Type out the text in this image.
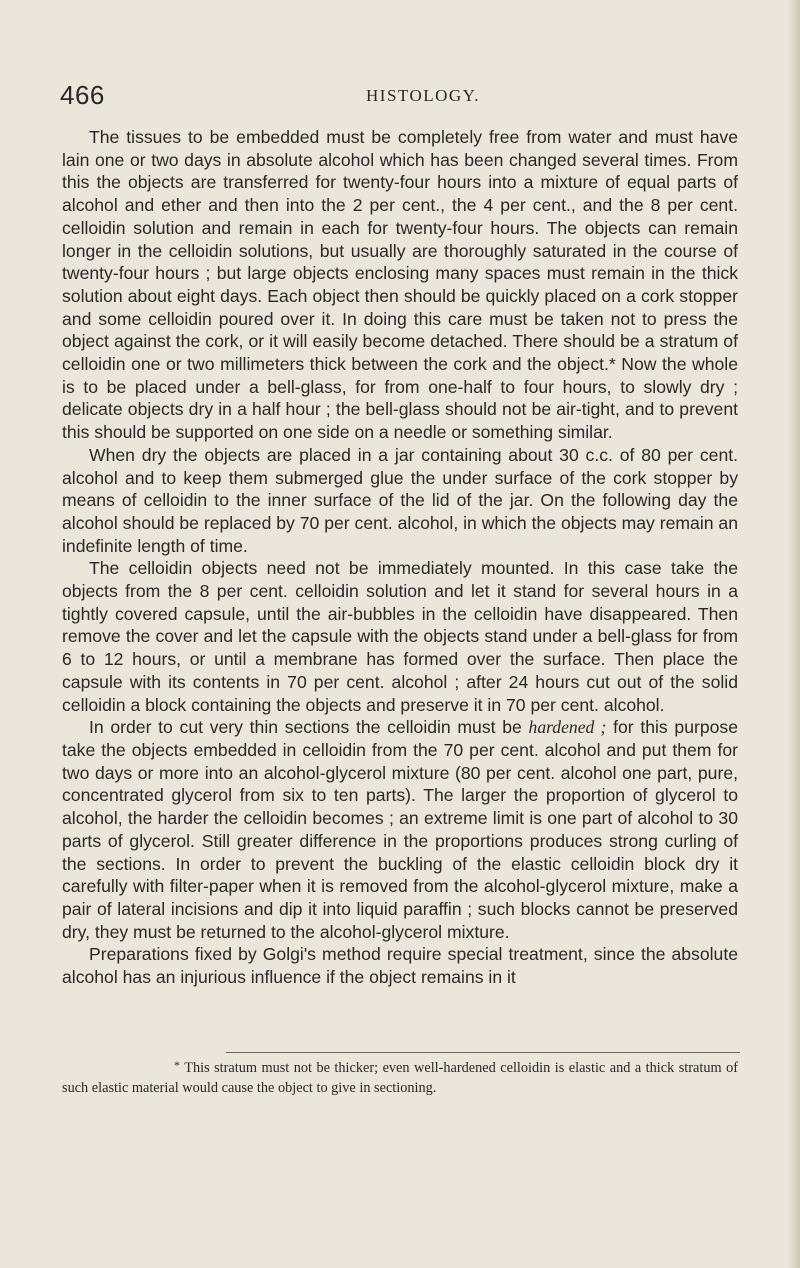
466	HISTOLOGY.

The tissues to be embedded must be completely free from water and must have lain one or two days in absolute alcohol which has been changed several times. From this the objects are transferred for twenty-four hours into a mixture of equal parts of alcohol and ether and then into the 2 per cent., the 4 per cent., and the 8 per cent. celloidin solution and remain in each for twenty-four hours. The objects can remain longer in the celloidin solutions, but usually are thoroughly saturated in the course of twenty-four hours ; but large objects enclosing many spaces must remain in the thick solution about eight days. Each object then should be quickly placed on a cork stopper and some celloidin poured over it. In doing this care must be taken not to press the object against the cork, or it will easily become detached. There should be a stratum of celloidin one or two millimeters thick between the cork and the object.* Now the whole is to be placed under a bell-glass, for from one-half to four hours, to slowly dry ; delicate objects dry in a half hour ; the bell-glass should not be air-tight, and to prevent this should be supported on one side on a needle or something similar.

When dry the objects are placed in a jar containing about 30 c.c. of 80 per cent. alcohol and to keep them submerged glue the under surface of the cork stopper by means of celloidin to the inner surface of the lid of the jar. On the following day the alcohol should be replaced by 70 per cent. alcohol, in which the objects may remain an indefinite length of time.

The celloidin objects need not be immediately mounted. In this case take the objects from the 8 per cent. celloidin solution and let it stand for several hours in a tightly covered capsule, until the air-bubbles in the celloidin have disappeared. Then remove the cover and let the capsule with the objects stand under a bell-glass for from 6 to 12 hours, or until a membrane has formed over the surface. Then place the capsule with its contents in 70 per cent. alcohol ; after 24 hours cut out of the solid celloidin a block containing the objects and preserve it in 70 per cent. alcohol.

In order to cut very thin sections the celloidin must be hardened ; for this purpose take the objects embedded in celloidin from the 70 per cent. alcohol and put them for two days or more into an alcohol-glycerol mixture (80 per cent. alcohol one part, pure, concentrated glycerol from six to ten parts). The larger the proportion of glycerol to alcohol, the harder the celloidin becomes ; an extreme limit is one part of alcohol to 30 parts of glycerol. Still greater difference in the proportions produces strong curling of the sections. In order to prevent the buckling of the elastic celloidin block dry it carefully with filter-paper when it is removed from the alcohol-glycerol mixture, make a pair of lateral incisions and dip it into liquid paraffin ; such blocks cannot be preserved dry, they must be returned to the alcohol-glycerol mixture.

Preparations fixed by Golgi's method require special treatment, since the absolute alcohol has an injurious influence if the object remains in it

* This stratum must not be thicker; even well-hardened celloidin is elastic and a thick stratum of such elastic material would cause the object to give in sectioning.
